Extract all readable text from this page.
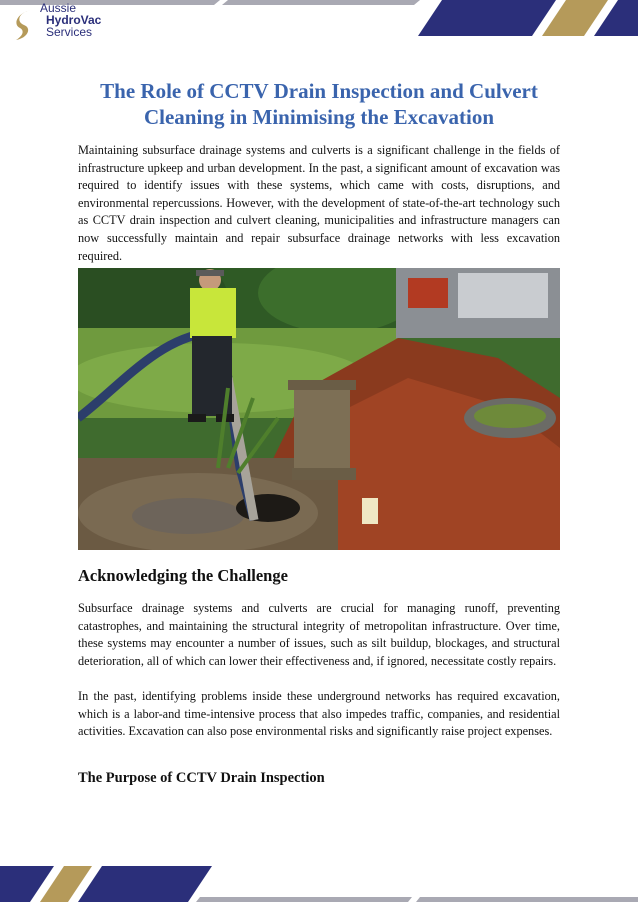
Aussie
HydroVac
Services
The Role of CCTV Drain Inspection and Culvert Cleaning in Minimising the Excavation

Maintaining subsurface drainage systems and culverts is a significant challenge in the fields of infrastructure upkeep and urban development. In the past, a significant amount of excavation was required to identify issues with these systems, which came with costs, disruptions, and environmental repercussions. However, with the development of state-of-the-art technology such as CCTV drain inspection and culvert cleaning, municipalities and infrastructure managers can now successfully maintain and repair subsurface drainage networks with less excavation required.

Acknowledging the Challenge

Subsurface drainage systems and culverts are crucial for managing runoff, preventing catastrophes, and maintaining the structural integrity of metropolitan infrastructure. Over time, these systems may encounter a number of issues, such as silt buildup, blockages, and structural deterioration, all of which can lower their effectiveness and, if ignored, necessitate costly repairs.

In the past, identifying problems inside these underground networks has required excavation, which is a labor-and time-intensive process that also impedes traffic, companies, and residential activities. Excavation can also pose environmental risks and significantly raise project expenses.

The Purpose of CCTV Drain Inspection
